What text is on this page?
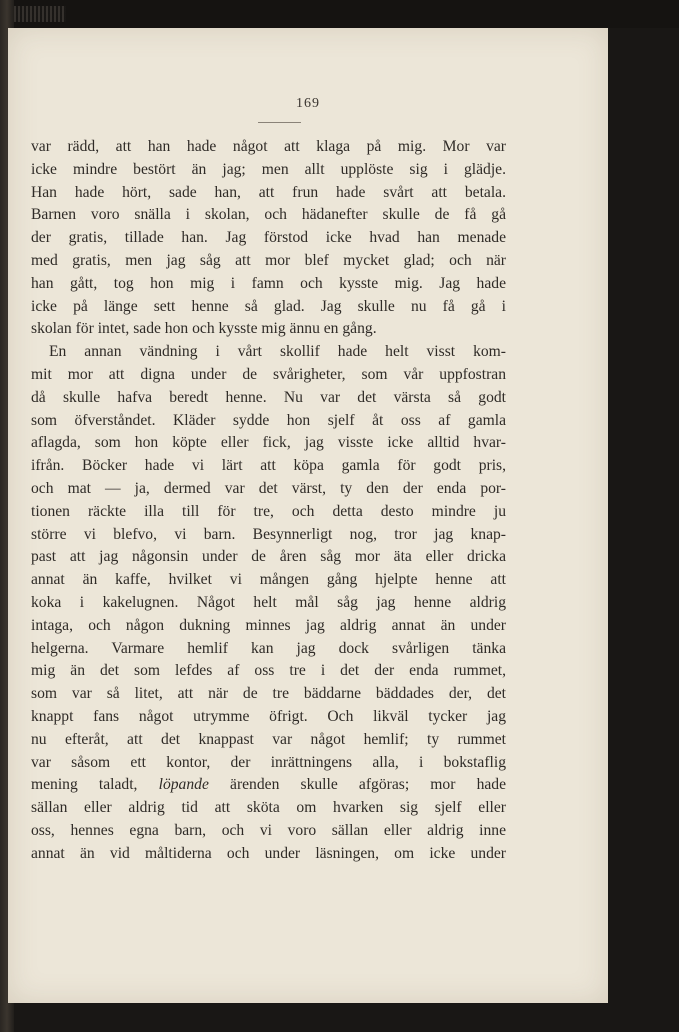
169
var rädd, att han hade något att klaga på mig. Mor var
icke mindre bestört än jag; men allt upplöste sig i glädje.
Han hade hört, sade han, att frun hade svårt att betala.
Barnen voro snälla i skolan, och hädanefter skulle de få gå
der gratis, tillade han. Jag förstod icke hvad han menade
med gratis, men jag såg att mor blef mycket glad; och när
han gått, tog hon mig i famn och kysste mig. Jag hade
icke på länge sett henne så glad. Jag skulle nu få gå i
skolan för intet, sade hon och kysste mig ännu en gång.
En annan vändning i vårt skollif hade helt visst kom-
mit mor att digna under de svårigheter, som vår uppfostran
då skulle hafva beredt henne. Nu var det värsta så godt
som öfverståndet. Kläder sydde hon sjelf åt oss af gamla
aflagda, som hon köpte eller fick, jag visste icke alltid hvar-
ifrån. Böcker hade vi lärt att köpa gamla för godt pris,
och mat — ja, dermed var det värst, ty den der enda por-
tionen räckte illa till för tre, och detta desto mindre ju
större vi blefvo, vi barn. Besynnerligt nog, tror jag knap-
past att jag någonsin under de åren såg mor äta eller dricka
annat än kaffe, hvilket vi mången gång hjelpte henne att
koka i kakelugnen. Något helt mål såg jag henne aldrig
intaga, och någon dukning minnes jag aldrig annat än under
helgerna. Varmare hemlif kan jag dock svårligen tänka
mig än det som lefdes af oss tre i det der enda rummet,
som var så litet, att när de tre bäddarne bäddades der, det
knappt fans något utrymme öfrigt. Och likväl tycker jag
nu efteråt, att det knappast var något hemlif; ty rummet
var såsom ett kontor, der inrättningens alla, i bokstaflig
mening taladt, löpande ärenden skulle afgöras; mor hade
sällan eller aldrig tid att sköta om hvarken sig sjelf eller
oss, hennes egna barn, och vi voro sällan eller aldrig inne
annat än vid måltiderna och under läsningen, om icke under
